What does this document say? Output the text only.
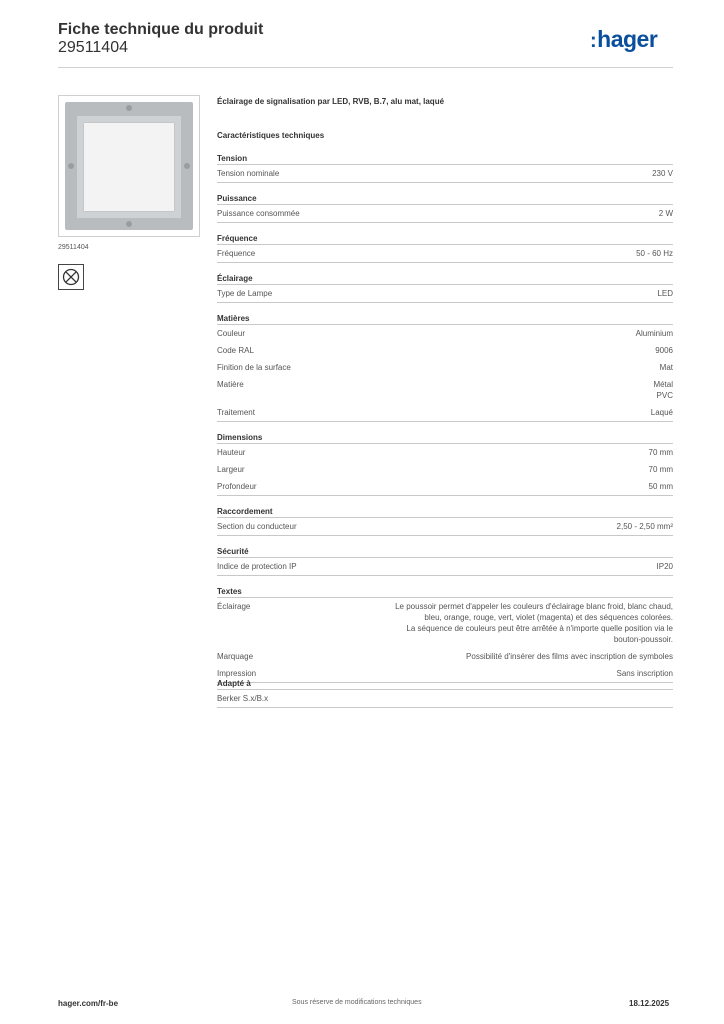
Fiche technique du produit
29511404	:hager
29511404
Éclairage de signalisation par LED, RVB, B.7, alu mat, laqué
Caractéristiques techniques
Tension
Tension nominale	230 V
Puissance
Puissance consommée	2 W
Fréquence
Fréquence	50 - 60 Hz
Éclairage
Type de Lampe	LED
Matières
Couleur	Aluminium
Code RAL	9006
Finition de la surface	Mat
Matière	Métal
PVC
Traitement	Laqué
Dimensions
Hauteur	70 mm
Largeur	70 mm
Profondeur	50 mm
Raccordement
Section du conducteur	2,50 - 2,50 mm²
Sécurité
Indice de protection IP	IP20
Textes
Éclairage	Le poussoir permet d'appeler les couleurs d'éclairage blanc froid, blanc chaud,
bleu, orange, rouge, vert, violet (magenta) et des séquences colorées.
La séquence de couleurs peut être arrêtée à n'importe quelle position via le
bouton-poussoir.
Marquage	Possibilité d'insérer des films avec inscription de symboles
Impression	Sans inscription
Adapté à
Berker S.x/B.x
hager.com/fr-be	Sous réserve de modifications techniques	18.12.2025
